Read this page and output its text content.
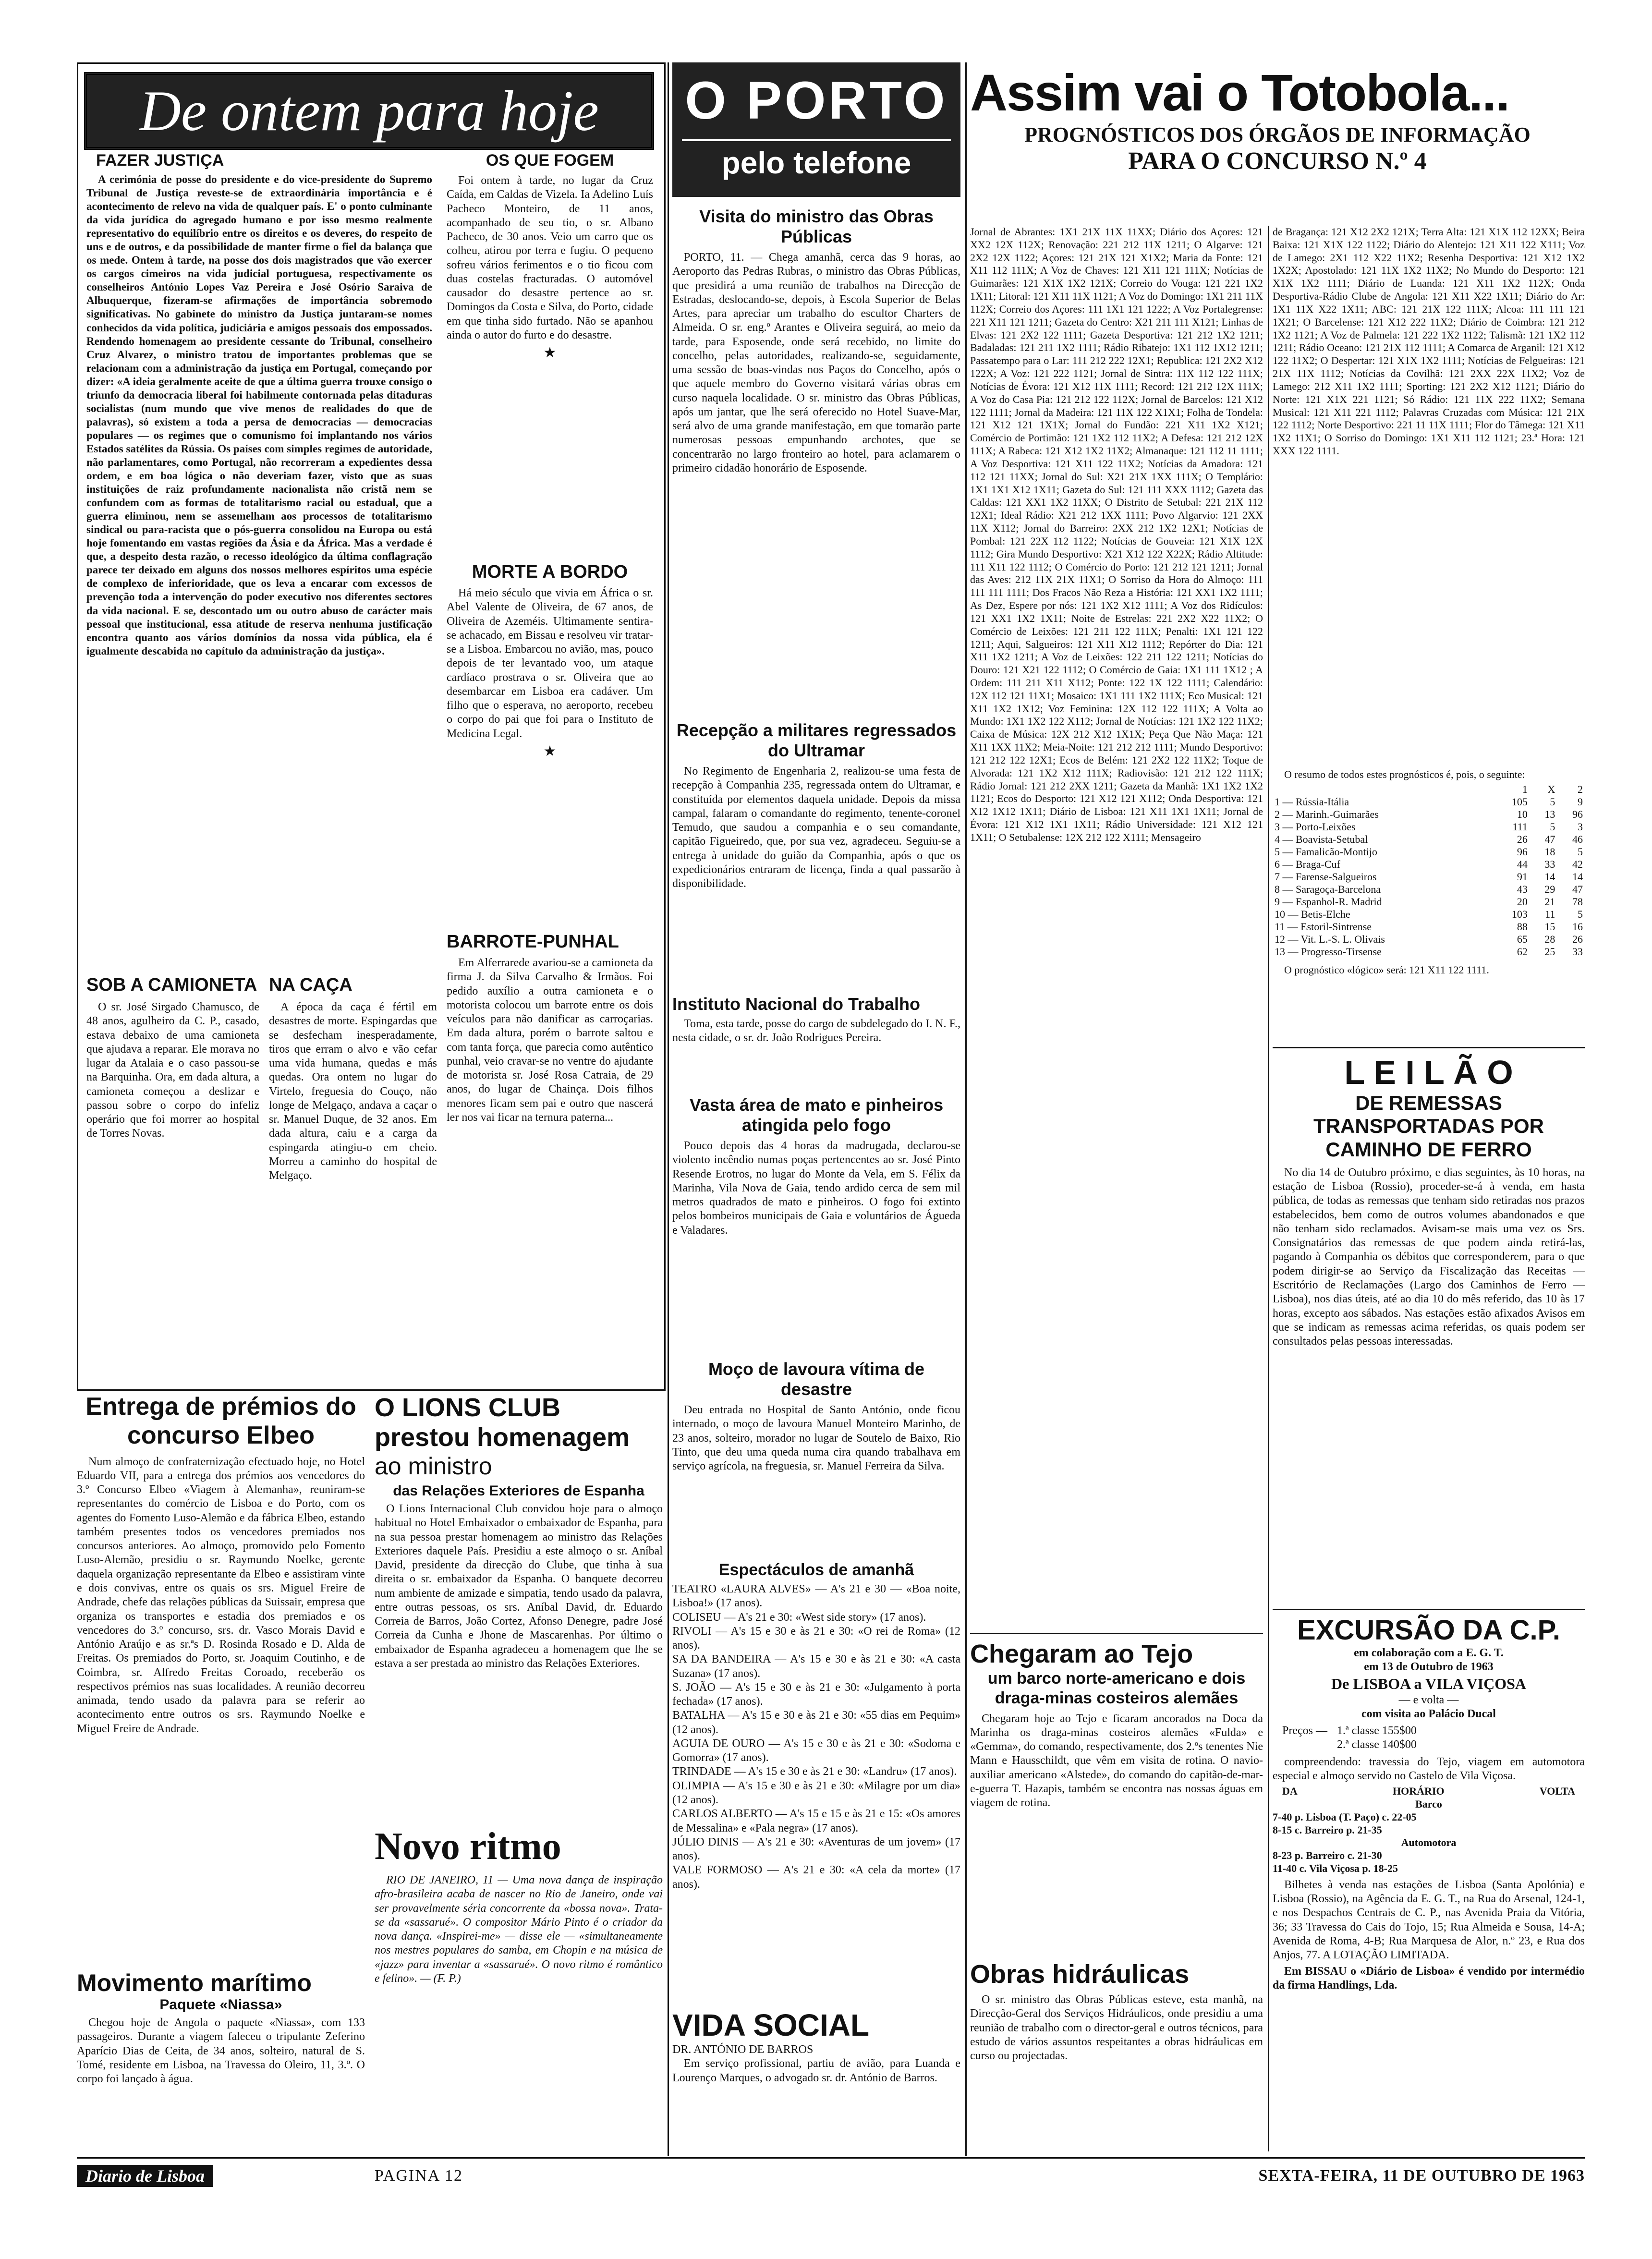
De ontem para hoje
FAZER JUSTIÇA

A cerimónia de posse do presidente e do vice-presidente do Supremo Tribunal de Justiça reveste-se de extraordinária importância e é acontecimento de relevo na vida de qualquer país. E' o ponto culminante da vida jurídica do agregado humano e por isso mesmo realmente representativo do equilíbrio entre os direitos e os deveres, do respeito de uns e de outros, e da possibilidade de manter firme o fiel da balança que os mede. Ontem à tarde, na posse dos dois magistrados que vão exercer os cargos cimeiros na vida judicial portuguesa, respectivamente os conselheiros António Lopes Vaz Pereira e José Osório Saraiva de Albuquerque, fizeram-se afirmações de importância sobremodo significativas. No gabinete do ministro da Justiça juntaram-se nomes conhecidos da vida política, judiciária e amigos pessoais dos empossados. Rendendo homenagem ao presidente cessante do Tribunal, conselheiro Cruz Alvarez, o ministro tratou de importantes problemas que se relacionam com a administração da justiça em Portugal, começando por dizer: «A ideia geralmente aceite de que a última guerra trouxe consigo o triunfo da democracia liberal foi habilmente contornada pelas ditaduras socialistas (num mundo que vive menos de realidades do que de palavras), só existem a toda a persa de democracias — democracias populares — os regimes que o comunismo foi implantando nos vários Estados satélites da Rússia. Os países com simples regimes de autoridade, não parlamentares, como Portugal, não recorreram a expedientes dessa ordem, e em boa lógica o não deveriam fazer, visto que as suas instituições de raiz profundamente nacionalista não cristã nem se confundem com as formas de totalitarismo racial ou estadual, que a guerra eliminou, nem se assemelham aos processos de totalitarismo sindical ou para-racista que o pós-guerra consolidou na Europa ou está hoje fomentando em vastas regiões da Ásia e da África. Mas a verdade é que, a despeito desta razão, o recesso ideológico da última conflagração parece ter deixado em alguns dos nossos melhores espíritos uma espécie de complexo de inferioridade, que os leva a encarar com excessos de prevenção toda a intervenção do poder executivo nos diferentes sectores da vida nacional. E se, descontado um ou outro abuso de carácter mais pessoal que institucional, essa atitude de reserva nenhuma justificação encontra quanto aos vários domínios da nossa vida pública, ela é igualmente descabida no capítulo da administração da justiça».

OS QUE FOGEM

Foi ontem à tarde, no lugar da Cruz Caída, em Caldas de Vizela. Ia Adelino Luís Pacheco Monteiro, de 11 anos, acompanhado de seu tio, o sr. Albano Pacheco, de 30 anos. Veio um carro que os colheu, atirou por terra e fugiu. O pequeno sofreu vários ferimentos e o tio ficou com duas costelas fracturadas. O automóvel causador do desastre pertence ao sr. Domingos da Costa e Silva, do Porto, cidade em que tinha sido furtado. Não se apanhou ainda o autor do furto e do desastre.

★
MORTE A BORDO

Há meio século que vivia em África o sr. Abel Valente de Oliveira, de 67 anos, de Oliveira de Azeméis. Ultimamente sentira-se achacado, em Bissau e resolveu vir tratar-se a Lisboa. Embarcou no avião, mas, pouco depois de ter levantado voo, um ataque cardíaco prostrava o sr. Oliveira que ao desembarcar em Lisboa era cadáver. Um filho que o esperava, no aeroporto, recebeu o corpo do pai que foi para o Instituto de Medicina Legal.

★
BARROTE-PUNHAL

Em Alferrarede avariou-se a camioneta da firma J. da Silva Carvalho & Irmãos. Foi pedido auxílio a outra camioneta e o motorista colocou um barrote entre os dois veículos para não danificar as carroçarias. Em dada altura, porém o barrote saltou e com tanta força, que parecia como autêntico punhal, veio cravar-se no ventre do ajudante de motorista sr. José Rosa Catraia, de 29 anos, do lugar de Chainça. Dois filhos menores ficam sem pai e outro que nascerá ler nos vai ficar na ternura paterna...

SOB A CAMIONETA

O sr. José Sirgado Chamusco, de 48 anos, agulheiro da C. P., casado, estava debaixo de uma camioneta que ajudava a reparar. Ele morava no lugar da Atalaia e o caso passou-se na Barquinha. Ora, em dada altura, a camioneta começou a deslizar e passou sobre o corpo do infeliz operário que foi morrer ao hospital de Torres Novas.

NA CAÇA

A época da caça é fértil em desastres de morte. Espingardas que se desfecham inesperadamente, tiros que erram o alvo e vão cefar uma vida humana, quedas e más quedas. Ora ontem no lugar do Virtelo, freguesia do Couço, não longe de Melgaço, andava a caçar o sr. Manuel Duque, de 32 anos. Em dada altura, caiu e a carga da espingarda atingiu-o em cheio. Morreu a caminho do hospital de Melgaço.

Entrega de prémios do concurso Elbeo

Num almoço de confraternização efectuado hoje, no Hotel Eduardo VII, para a entrega dos prémios aos vencedores do 3.º Concurso Elbeo «Viagem à Alemanha», reuniram-se representantes do comércio de Lisboa e do Porto, com os agentes do Fomento Luso-Alemão e da fábrica Elbeo, estando também presentes todos os vencedores premiados nos concursos anteriores. Ao almoço, promovido pelo Fomento Luso-Alemão, presidiu o sr. Raymundo Noelke, gerente daquela organização representante da Elbeo e assistiram vinte e dois convivas, entre os quais os srs. Miguel Freire de Andrade, chefe das relações públicas da Suissair, empresa que organiza os transportes e estadia dos premiados e os vencedores do 3.º concurso, srs. dr. Vasco Morais David e António Araújo e as sr.ªs D. Rosinda Rosado e D. Alda de Freitas. Os premiados do Porto, sr. Joaquim Coutinho, e de Coimbra, sr. Alfredo Freitas Coroado, receberão os respectivos prémios nas suas localidades. A reunião decorreu animada, tendo usado da palavra para se referir ao acontecimento entre outros os srs. Raymundo Noelke e Miguel Freire de Andrade.

Movimento marítimo
Paquete «Niassa»

Chegou hoje de Angola o paquete «Niassa», com 133 passageiros. Durante a viagem faleceu o tripulante Zeferino Aparício Dias de Ceita, de 34 anos, solteiro, natural de S. Tomé, residente em Lisboa, na Travessa do Oleiro, 11, 3.º. O corpo foi lançado à água.

O LIONS CLUB
prestou homenagem
ao ministro
das Relações Exteriores de Espanha

O Lions Internacional Club convidou hoje para o almoço habitual no Hotel Embaixador o embaixador de Espanha, para na sua pessoa prestar homenagem ao ministro das Relações Exteriores daquele País. Presidiu a este almoço o sr. Aníbal David, presidente da direcção do Clube, que tinha à sua direita o sr. embaixador da Espanha. O banquete decorreu num ambiente de amizade e simpatia, tendo usado da palavra, entre outras pessoas, os srs. Aníbal David, dr. Eduardo Correia de Barros, João Cortez, Afonso Denegre, padre José Correia da Cunha e Jhone de Mascarenhas. Por último o embaixador de Espanha agradeceu a homenagem que lhe se estava a ser prestada ao ministro das Relações Exteriores.

Novo ritmo

RIO DE JANEIRO, 11 — Uma nova dança de inspiração afro-brasileira acaba de nascer no Rio de Janeiro, onde vai ser provavelmente séria concorrente da «bossa nova». Trata-se da «sassarué». O compositor Mário Pinto é o criador da nova dança. «Inspirei-me» — disse ele — «simultaneamente nos mestres populares do samba, em Chopin e na música de «jazz» para inventar a «sassarué». O novo ritmo é romântico e felino». — (F. P.)

O PORTO
pelo telefone
Visita do ministro das Obras Públicas

PORTO, 11. — Chega amanhã, cerca das 9 horas, ao Aeroporto das Pedras Rubras, o ministro das Obras Públicas, que presidirá a uma reunião de trabalhos na Direcção de Estradas, deslocando-se, depois, à Escola Superior de Belas Artes, para apreciar um trabalho do escultor Charters de Almeida. O sr. eng.º Arantes e Oliveira seguirá, ao meio da tarde, para Esposende, onde será recebido, no limite do concelho, pelas autoridades, realizando-se, seguidamente, uma sessão de boas-vindas nos Paços do Concelho, após o que aquele membro do Governo visitará várias obras em curso naquela localidade. O sr. ministro das Obras Públicas, após um jantar, que lhe será oferecido no Hotel Suave-Mar, será alvo de uma grande manifestação, em que tomarão parte numerosas pessoas empunhando archotes, que se concentrarão no largo fronteiro ao hotel, para aclamarem o primeiro cidadão honorário de Esposende.

Recepção a militares regressados do Ultramar

No Regimento de Engenharia 2, realizou-se uma festa de recepção à Companhia 235, regressada ontem do Ultramar, e constituída por elementos daquela unidade. Depois da missa campal, falaram o comandante do regimento, tenente-coronel Temudo, que saudou a companhia e o seu comandante, capitão Figueiredo, que, por sua vez, agradeceu. Seguiu-se a entrega à unidade do guião da Companhia, após o que os expedicionários entraram de licença, finda a qual passarão à disponibilidade.

Instituto Nacional do Trabalho

Toma, esta tarde, posse do cargo de subdelegado do I. N. F., nesta cidade, o sr. dr. João Rodrigues Pereira.

Vasta área de mato e pinheiros atingida pelo fogo

Pouco depois das 4 horas da madrugada, declarou-se violento incêndio numas poças pertencentes ao sr. José Pinto Resende Erotros, no lugar do Monte da Vela, em S. Félix da Marinha, Vila Nova de Gaia, tendo ardido cerca de sem mil metros quadrados de mato e pinheiros. O fogo foi extinto pelos bombeiros municipais de Gaia e voluntários de Águeda e Valadares.

Moço de lavoura vítima de desastre

Deu entrada no Hospital de Santo António, onde ficou internado, o moço de lavoura Manuel Monteiro Marinho, de 23 anos, solteiro, morador no lugar de Soutelo de Baixo, Rio Tinto, que deu uma queda numa cira quando trabalhava em serviço agrícola, na freguesia, sr. Manuel Ferreira da Silva.

Espectáculos de amanhã
TEATRO «LAURA ALVES» — A's 21 e 30 — «Boa noite, Lisboa!» (17 anos).
COLISEU — A's 21 e 30: «West side story» (17 anos).
RIVOLI — A's 15 e 30 e às 21 e 30: «O rei de Roma» (12 anos).
SA DA BANDEIRA — A's 15 e 30 e às 21 e 30: «A casta Suzana» (17 anos).
S. JOÃO — A's 15 e 30 e às 21 e 30: «Julgamento à porta fechada» (17 anos).
BATALHA — A's 15 e 30 e às 21 e 30: «55 dias em Pequim» (12 anos).
AGUIA DE OURO — A's 15 e 30 e às 21 e 30: «Sodoma e Gomorra» (17 anos).
TRINDADE — A's 15 e 30 e às 21 e 30: «Landru» (17 anos).
OLIMPIA — A's 15 e 30 e às 21 e 30: «Milagre por um dia» (12 anos).
CARLOS ALBERTO — A's 15 e 15 e às 21 e 15: «Os amores de Messalina» e «Pala negra» (17 anos).
JÚLIO DINIS — A's 21 e 30: «Aventuras de um jovem» (17 anos).
VALE FORMOSO — A's 21 e 30: «A cela da morte» (17 anos).
VIDA SOCIAL
DR. ANTÓNIO DE BARROS

Em serviço profissional, partiu de avião, para Luanda e Lourenço Marques, o advogado sr. dr. António de Barros.

Assim vai o Totobola...
PROGNÓSTICOS DOS ÓRGÃOS DE INFORMAÇÃO
PARA O CONCURSO N.º 4

Jornal de Abrantes: 1X1 21X 11X 11XX; Diário dos Açores: 121 XX2 12X 112X; Renovação: 221 212 11X 1211; O Algarve: 121 2X2 12X 1122; Açores: 121 21X 121 X1X2; Maria da Fonte: 121 X11 112 111X; A Voz de Chaves: 121 X11 121 111X; Notícias de Guimarães: 121 X1X 1X2 121X; Correio do Vouga: 121 221 1X2 1X11; Litoral: 121 X11 11X 1121; A Voz do Domingo: 1X1 211 11X 112X; Correio dos Açores: 111 1X1 121 1222; A Voz Portalegrense: 221 X11 121 1211; Gazeta do Centro: X21 211 111 X121; Linhas de Elvas: 121 2X2 122 1111; Gazeta Desportiva: 121 212 1X2 1211; Badaladas: 121 211 1X2 1111; Rádio Ribatejo: 1X1 112 1X12 1211; Passatempo para o Lar: 111 212 222 12X1; Republica: 121 2X2 X12 122X; A Voz: 121 222 1121; Jornal de Sintra: 11X 112 122 111X; Notícias de Évora: 121 X12 11X 1111; Record: 121 212 12X 111X; A Voz do Casa Pia: 121 212 122 112X; Jornal de Barcelos: 121 X12 122 1111; Jornal da Madeira: 121 11X 122 X1X1; Folha de Tondela: 121 X12 121 1X1X; Jornal do Fundão: 221 X11 1X2 X121; Comércio de Portimão: 121 1X2 112 11X2; A Defesa: 121 212 12X 111X; A Rabeca: 121 X12 1X2 11X2; Almanaque: 121 112 11 1111; A Voz Desportiva: 121 X11 122 11X2; Notícias da Amadora: 121 112 121 11XX; Jornal do Sul: X21 21X 1XX 111X; O Templário: 1X1 1X1 X12 1X11; Gazeta do Sul: 121 111 XXX 1112; Gazeta das Caldas: 121 XX1 1X2 11XX; O Distrito de Setubal: 221 21X 112 12X1; Ideal Rádio: X21 212 1XX 1111; Povo Algarvio: 121 2XX 11X X112; Jornal do Barreiro: 2XX 212 1X2 12X1; Notícias de Pombal: 121 22X 112 1122; Notícias de Gouveia: 121 X1X 12X 1112; Gira Mundo Desportivo: X21 X12 122 X22X; Rádio Altitude: 111 X11 122 1112; O Comércio do Porto: 121 212 121 1211; Jornal das Aves: 212 11X 21X 11X1; O Sorriso da Hora do Almoço: 111 111 111 1111; Dos Fracos Não Reza a História: 121 XX1 1X2 1111; As Dez, Espere por nós: 121 1X2 X12 1111; A Voz dos Ridículos: 121 XX1 1X2 1X11; Noite de Estrelas: 221 2X2 X22 11X2; O Comércio de Leixões: 121 211 122 111X; Penalti: 1X1 121 122 1211; Aqui, Salgueiros: 121 X11 X12 1112; Repórter do Dia: 121 X11 1X2 1211; A Voz de Leixões: 122 211 122 1211; Notícias do Douro: 121 X21 122 1112; O Comércio de Gaia: 1X1 111 1X12 ; A Ordem: 111 211 X11 X112; Ponte: 122 1X 122 1111; Calendário: 12X 112 121 11X1; Mosaico: 1X1 111 1X2 111X; Eco Musical: 121 X11 1X2 1X12; Voz Feminina: 12X 112 122 111X; A Volta ao Mundo: 1X1 1X2 122 X112; Jornal de Notícias: 121 1X2 122 11X2; Caixa de Música: 12X 212 X12 1X1X; Peça Que Não Maça: 121 X11 1XX 11X2; Meia-Noite: 121 212 212 1111; Mundo Desportivo: 121 212 122 12X1; Ecos de Belém: 121 2X2 122 11X2; Toque de Alvorada: 121 1X2 X12 111X; Radiovisão: 121 212 122 111X; Rádio Jornal: 121 212 2XX 1211; Gazeta da Manhã: 1X1 1X2 1X2 1121; Ecos do Desporto: 121 X12 121 X112; Onda Desportiva: 121 X12 1X12 1X11; Diário de Lisboa: 121 X11 1X1 1X11; Jornal de Évora: 121 X12 1X1 1X11; Rádio Universidade: 121 X12 121 1X11; O Setubalense: 12X 212 122 X111; Mensageiro

de Bragança: 121 X12 2X2 121X; Terra Alta: 121 X1X 112 12XX; Beira Baixa: 121 X1X 122 1122; Diário do Alentejo: 121 X11 122 X111; Voz de Lamego: 2X1 112 X22 11X2; Resenha Desportiva: 121 X12 1X2 1X2X; Apostolado: 121 11X 1X2 11X2; No Mundo do Desporto: 121 X1X 1X2 1111; Diário de Luanda: 121 X11 1X2 112X; Onda Desportiva-Rádio Clube de Angola: 121 X11 X22 1X11; Diário do Ar: 1X1 11X X22 1X11; ABC: 121 21X 122 111X; Alcoa: 111 111 121 1X21; O Barcelense: 121 X12 222 11X2; Diário de Coimbra: 121 212 1X2 1121; A Voz de Palmela: 121 222 1X2 1122; Talismã: 121 1X2 112 1211; Rádio Oceano: 121 21X 112 1111; A Comarca de Arganil: 121 X12 122 11X2; O Despertar: 121 X1X 1X2 1111; Notícias de Felgueiras: 121 21X 11X 1112; Notícias da Covilhã: 121 2XX 22X 11X2; Voz de Lamego: 212 X11 1X2 1111; Sporting: 121 2X2 X12 1121; Diário do Norte: 121 X1X 221 1121; Só Rádio: 121 11X 222 11X2; Semana Musical: 121 X11 221 1112; Palavras Cruzadas com Música: 121 21X 122 1112; Norte Desportivo: 221 11 11X 1111; Flor do Tâmega: 121 X11 1X2 11X1; O Sorriso do Domingo: 1X1 X11 112 1121; 23.ª Hora: 121 XXX 122 1111.

O resumo de todos estes prognósticos é, pois, o seguinte:

	1	X	2
1 — Rússia-Itália	105	5	9
2 — Marinh.-Guimarães	10	13	96
3 — Porto-Leixões	111	5	3
4 — Boavista-Setubal	26	47	46
5 — Famalicão-Montijo	96	18	5
6 — Braga-Cuf	44	33	42
7 — Farense-Salgueiros	91	14	14
8 — Saragoça-Barcelona	43	29	47
9 — Espanhol-R. Madrid	20	21	78
10 — Betis-Elche	103	11	5
11 — Estoril-Sintrense	88	15	16
12 — Vit. L.-S. L. Olivais	65	28	26
13 — Progresso-Tirsense	62	25	33

O prognóstico «lógico» será: 121 X11 122 1111.

L E I L Ã O
DE REMESSAS TRANSPORTADAS POR CAMINHO DE FERRO

No dia 14 de Outubro próximo, e dias seguintes, às 10 horas, na estação de Lisboa (Rossio), proceder-se-á à venda, em hasta pública, de todas as remessas que tenham sido retiradas nos prazos estabelecidos, bem como de outros volumes abandonados e que não tenham sido reclamados. Avisam-se mais uma vez os Srs. Consignatários das remessas de que podem ainda retirá-las, pagando à Companhia os débitos que corresponderem, para o que podem dirigir-se ao Serviço da Fiscalização das Receitas — Escritório de Reclamações (Largo dos Caminhos de Ferro — Lisboa), nos dias úteis, até ao dia 10 do mês referido, das 10 às 17 horas, excepto aos sábados. Nas estações estão afixados Avisos em que se indicam as remessas acima referidas, os quais podem ser consultados pelas pessoas interessadas.

Chegaram ao Tejo
um barco norte-americano e dois draga-minas costeiros alemães

Chegaram hoje ao Tejo e ficaram ancorados na Doca da Marinha os draga-minas costeiros alemães «Fulda» e «Gemma», do comando, respectivamente, dos 2.ºs tenentes Nie Mann e Hausschildt, que vêm em visita de rotina. O navio-auxiliar americano «Alstede», do comando do capitão-de-mar-e-guerra T. Hazapis, também se encontra nas nossas águas em viagem de rotina.

Obras hidráulicas

O sr. ministro das Obras Públicas esteve, esta manhã, na Direcção-Geral dos Serviços Hidráulicos, onde presidiu a uma reunião de trabalho com o director-geral e outros técnicos, para estudo de vários assuntos respeitantes a obras hidráulicas em curso ou projectadas.

EXCURSÃO DA C.P.
em colaboração com a E. G. T.
em 13 de Outubro de 1963
De LISBOA a VILA VIÇOSA
— e volta —
com visita ao Palácio Ducal
Preços — 1.ª classe 155$00
2.ª classe 140$00

compreendendo: travessia do Tejo, viagem em automotora especial e almoço servido no Castelo de Vila Viçosa.

DA	HORÁRIO	VOLTA
Barco
7-40 p. Lisboa (T. Paço) c. 22-05
8-15 c. Barreiro p. 21-35
Automotora
8-23 p. Barreiro c. 21-30
11-40 c. Vila Viçosa p. 18-25

Bilhetes à venda nas estações de Lisboa (Santa Apolónia) e Lisboa (Rossio), na Agência da E. G. T., na Rua do Arsenal, 124-1, e nos Despachos Centrais de C. P., nas Avenida Praia da Vitória, 36; 33 Travessa do Cais do Tojo, 15; Rua Almeida e Sousa, 14-A; Avenida de Roma, 4-B; Rua Marquesa de Alor, n.º 23, e Rua dos Anjos, 77. A LOTAÇÃO LIMITADA.

Em BISSAU o «Diário de Lisboa» é vendido por intermédio da firma Handlings, Lda.

Diario de Lisboa	PAGINA 12	SEXTA-FEIRA, 11 DE OUTUBRO DE 1963
